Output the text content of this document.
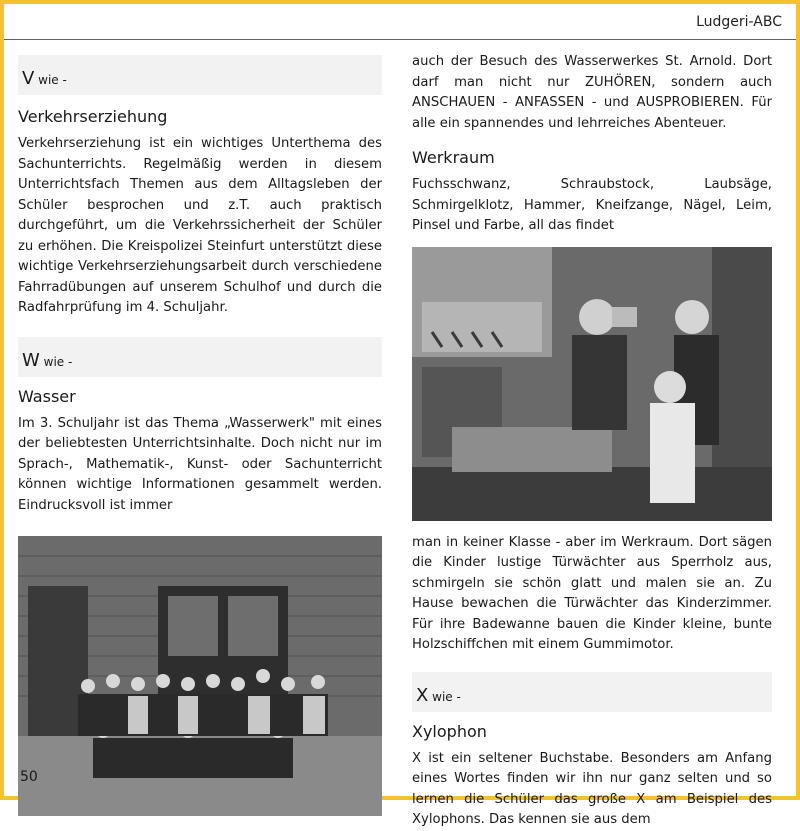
Ludgeri-ABC
V wie -
Verkehrserziehung

Verkehrserziehung ist ein wichtiges Unterthema des Sachunterrichts. Regelmäßig werden in diesem Unterrichtsfach Themen aus dem Alltagsleben der Schüler besprochen und z.T. auch praktisch durchgeführt, um die Verkehrssicherheit der Schüler zu erhöhen. Die Kreispolizei Steinfurt unterstützt diese wichtige Verkehrserziehungsarbeit durch verschiedene Fahrradübungen auf unserem Schulhof und durch die Radfahrprüfung im 4. Schuljahr.

W wie -
Wasser

Im 3. Schuljahr ist das Thema „Wasserwerk" mit eines der beliebtesten Unterrichtsinhalte. Doch nicht nur im Sprach-, Mathematik-, Kunst- oder Sachunterricht können wichtige Informationen gesammelt werden. Eindrucksvoll ist immer

auch der Besuch des Wasserwerkes St. Arnold. Dort darf man nicht nur ZUHÖREN, sondern auch ANSCHAUEN - ANFASSEN - und AUSPROBIEREN. Für alle ein spannendes und lehrreiches Abenteuer.

Werkraum

Fuchsschwanz, Schraubstock, Laubsäge, Schmirgelklotz, Hammer, Kneifzange, Nägel, Leim, Pinsel und Farbe, all das findet

man in keiner Klasse - aber im Werkraum. Dort sägen die Kinder lustige Türwächter aus Sperrholz aus, schmirgeln sie schön glatt und malen sie an. Zu Hause bewachen die Türwächter das Kinderzimmer. Für ihre Badewanne bauen die Kinder kleine, bunte Holzschiffchen mit einem Gummimotor.

X wie -
Xylophon

X ist ein seltener Buchstabe. Besonders am Anfang eines Wortes finden wir ihn nur ganz selten und so lernen die Schüler das große X am Beispiel des Xylophons. Das kennen sie aus dem

50
